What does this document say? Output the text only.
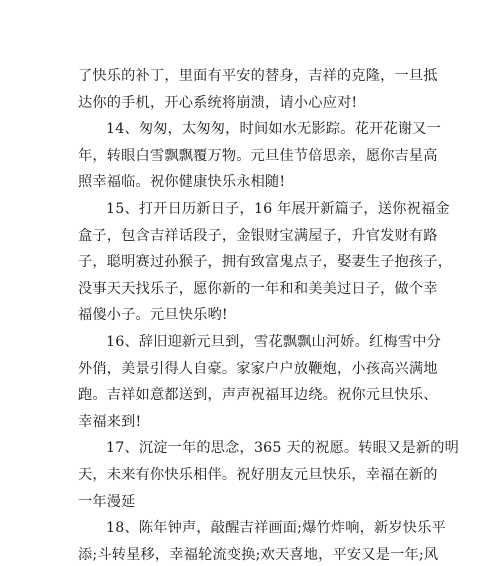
了快乐的补丁，里面有平安的替身，吉祥的克隆，一旦抵
达你的手机，开心系统将崩溃，请小心应对!
14、匆匆，太匆匆，时间如水无影踪。花开花谢又一
年，转眼白雪飘飘覆万物。元旦佳节倍思亲，愿你吉星高
照幸福临。祝你健康快乐永相随!
15、打开日历新日子，16 年展开新篇子，送你祝福金
盒子，包含吉祥话段子，金银财宝满屋子，升官发财有路
子，聪明赛过孙猴子，拥有致富鬼点子，娶妻生子抱孩子，
没事天天找乐子，愿你新的一年和和美美过日子，做个幸
福傻小子。元旦快乐哟!
16、辞旧迎新元旦到，雪花飘飘山河娇。红梅雪中分
外俏，美景引得人自豪。家家户户放鞭炮，小孩高兴满地
跑。吉祥如意都送到，声声祝福耳边绕。祝你元旦快乐、
幸福来到!
17、沉淀一年的思念，365 天的祝愿。转眼又是新的明
天，未来有你快乐相伴。祝好朋友元旦快乐，幸福在新的
一年漫延
18、陈年钟声，敲醒吉祥画面;爆竹炸响，新岁快乐平
添;斗转星移，幸福轮流变换;欢天喜地，平安又是一年;风
